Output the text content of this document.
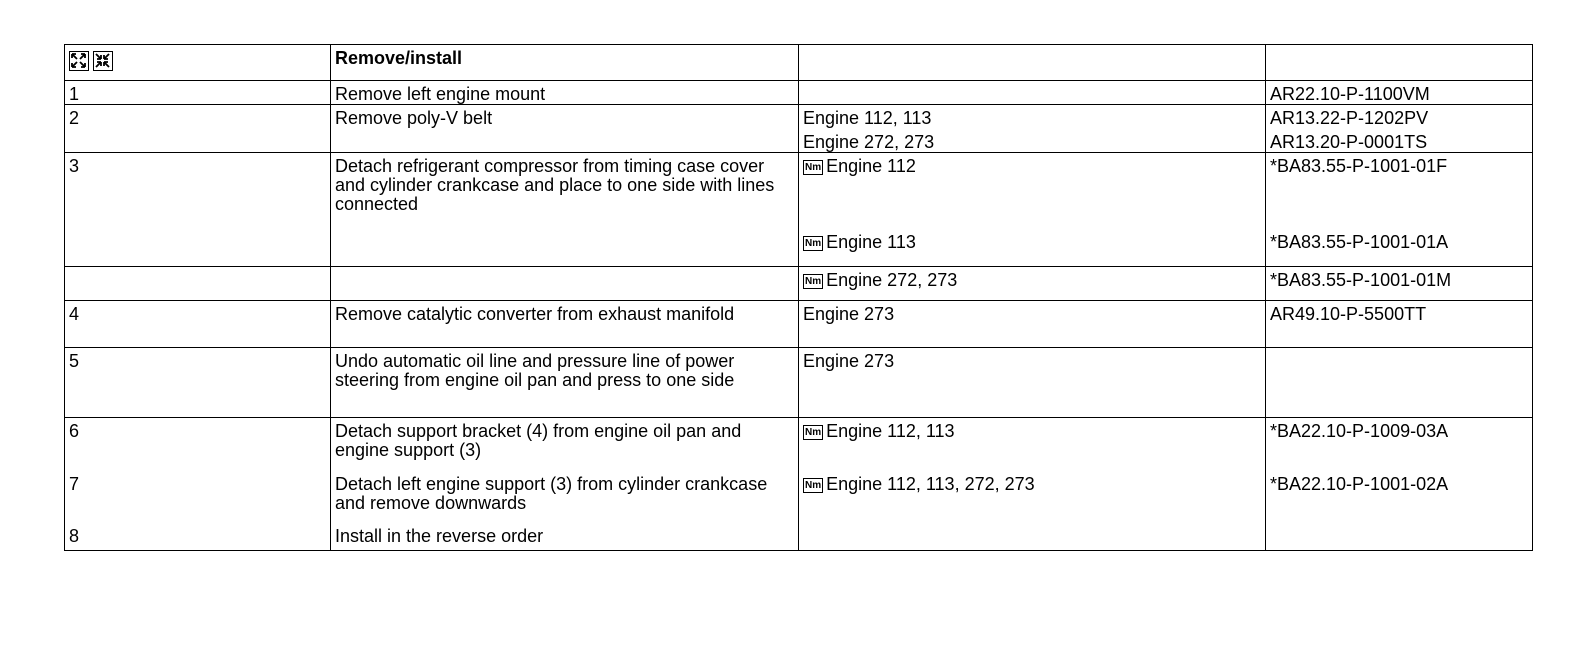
	Remove/install		
1	Remove left engine mount		AR22.10-P-1100VM
2	Remove poly-V belt	Engine 112, 113	AR13.22-P-1202PV
		Engine 272, 273	AR13.20-P-0001TS
3	Detach refrigerant compressor from timing case cover and cylinder crankcase and place to one side with lines connected	Nm Engine 112	*BA83.55-P-1001-01F
		Nm Engine 113	*BA83.55-P-1001-01A
		Nm Engine 272, 273	*BA83.55-P-1001-01M
4	Remove catalytic converter from exhaust manifold	Engine 273	AR49.10-P-5500TT
5	Undo automatic oil line and pressure line of power steering from engine oil pan and press to one side	Engine 273	
6	Detach support bracket (4) from engine oil pan and engine support (3)	Nm Engine 112, 113	*BA22.10-P-1009-03A
7	Detach left engine support (3) from cylinder crankcase and remove downwards	Nm Engine 112, 113, 272, 273	*BA22.10-P-1001-02A
8	Install in the reverse order		
